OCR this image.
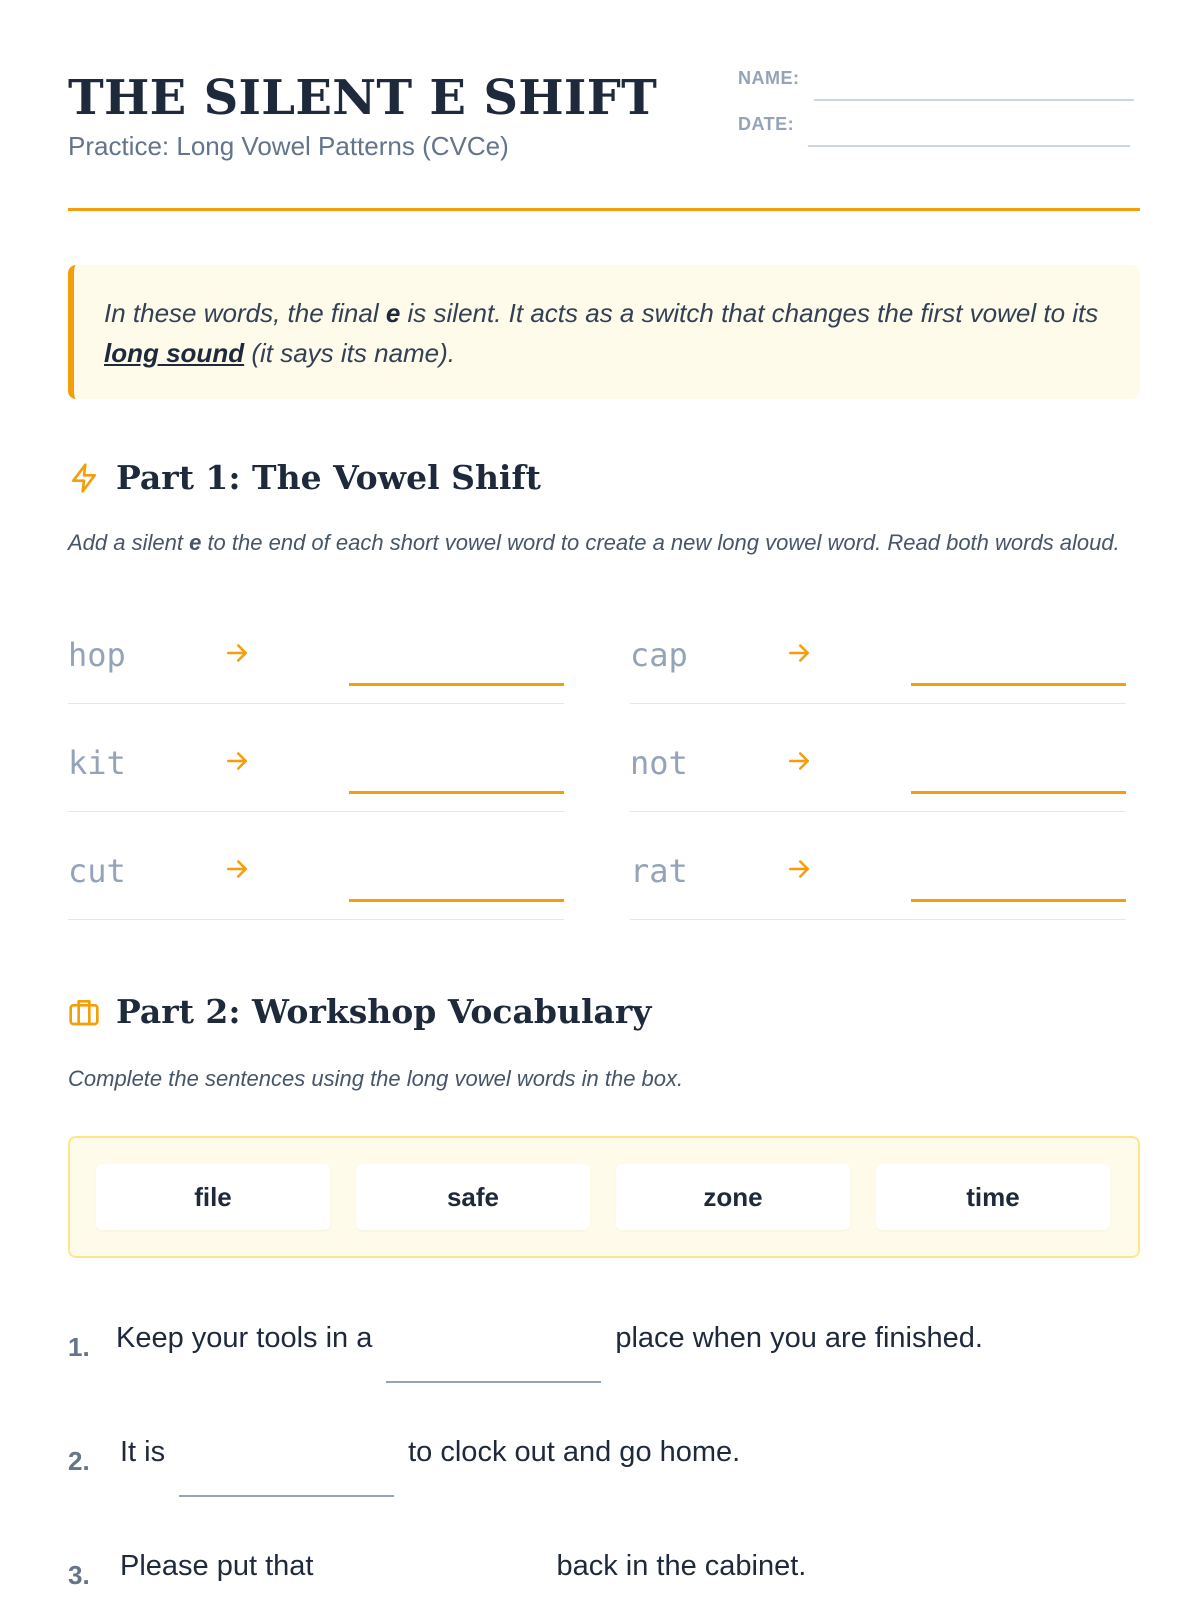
THE SILENT E SHIFT
Practice: Long Vowel Patterns (CVCe)
NAME:
DATE:

In these words, the final e is silent. It acts as a switch that changes the first vowel to its long sound (it says its name).

Part 1: The Vowel Shift
Add a silent e to the end of each short vowel word to create a new long vowel word. Read both words aloud.
hop	cap
kit	not
cut	rat
Part 2: Workshop Vocabulary
Complete the sentences using the long vowel words in the box.
file	safe	zone	time
1. Keep your tools in a	place when you are finished.
2.	It is	to clock out and go home.
3.	Please put that	back in the cabinet.
